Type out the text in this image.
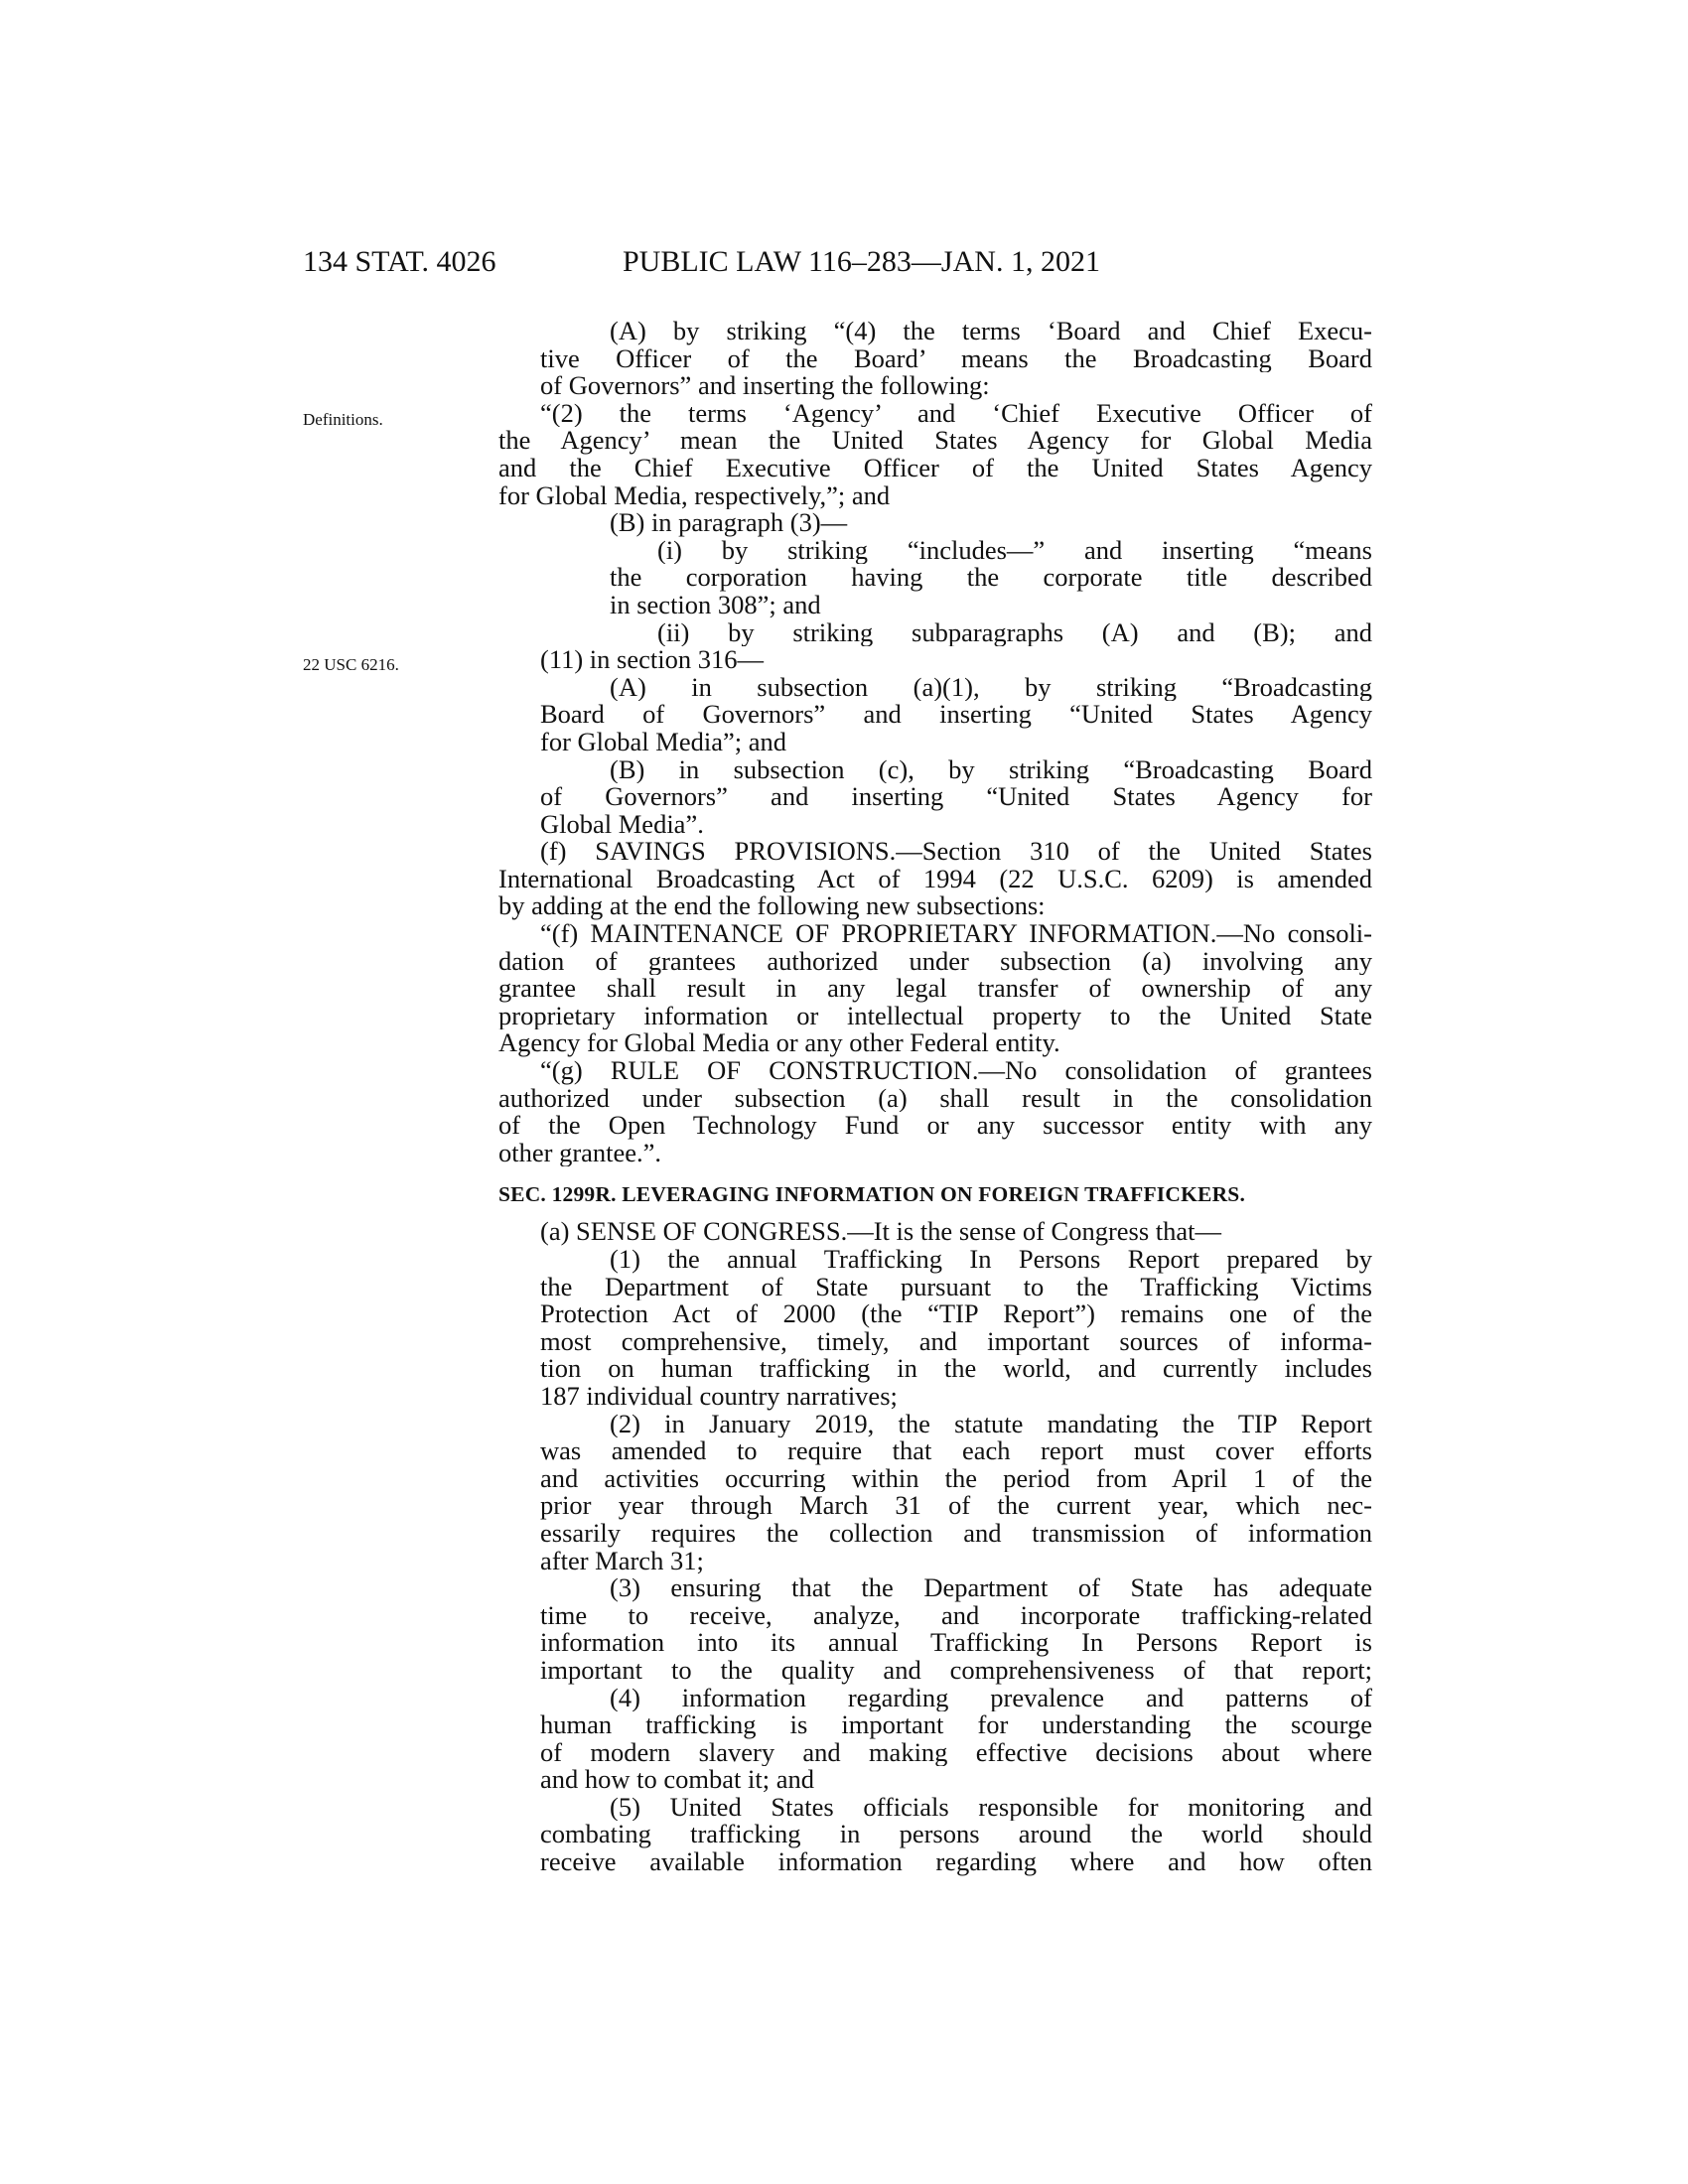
134 STAT. 4026	PUBLIC LAW 116–283—JAN. 1, 2021
Definitions.
22 USC 6216.
(A) by striking “(4) the terms ‘Board and Chief Execu-
tive Officer of the Board’ means the Broadcasting Board
of Governors” and inserting the following:
“(2) the terms ‘Agency’ and ‘Chief Executive Officer of
the Agency’ mean the United States Agency for Global Media
and the Chief Executive Officer of the United States Agency
for Global Media, respectively,”; and
(B) in paragraph (3)—
(i) by striking “includes—” and inserting “means
the corporation having the corporate title described
in section 308”; and
(ii) by striking subparagraphs (A) and (B); and
(11) in section 316—
(A) in subsection (a)(1), by striking “Broadcasting
Board of Governors” and inserting “United States Agency
for Global Media”; and
(B) in subsection (c), by striking “Broadcasting Board
of Governors” and inserting “United States Agency for
Global Media”.
(f) SAVINGS PROVISIONS.—Section 310 of the United States
International Broadcasting Act of 1994 (22 U.S.C. 6209) is amended
by adding at the end the following new subsections:
“(f) MAINTENANCE OF PROPRIETARY INFORMATION.—No consoli-
dation of grantees authorized under subsection (a) involving any
grantee shall result in any legal transfer of ownership of any
proprietary information or intellectual property to the United State
Agency for Global Media or any other Federal entity.
“(g) RULE OF CONSTRUCTION.—No consolidation of grantees
authorized under subsection (a) shall result in the consolidation
of the Open Technology Fund or any successor entity with any
other grantee.”.
SEC. 1299R. LEVERAGING INFORMATION ON FOREIGN TRAFFICKERS.
(a) SENSE OF CONGRESS.—It is the sense of Congress that—
(1) the annual Trafficking In Persons Report prepared by
the Department of State pursuant to the Trafficking Victims
Protection Act of 2000 (the “TIP Report”) remains one of the
most comprehensive, timely, and important sources of informa-
tion on human trafficking in the world, and currently includes
187 individual country narratives;
(2) in January 2019, the statute mandating the TIP Report
was amended to require that each report must cover efforts
and activities occurring within the period from April 1 of the
prior year through March 31 of the current year, which nec-
essarily requires the collection and transmission of information
after March 31;
(3) ensuring that the Department of State has adequate
time to receive, analyze, and incorporate trafficking-related
information into its annual Trafficking In Persons Report is
important to the quality and comprehensiveness of that report;
(4) information regarding prevalence and patterns of
human trafficking is important for understanding the scourge
of modern slavery and making effective decisions about where
and how to combat it; and
(5) United States officials responsible for monitoring and
combating trafficking in persons around the world should
receive available information regarding where and how often
